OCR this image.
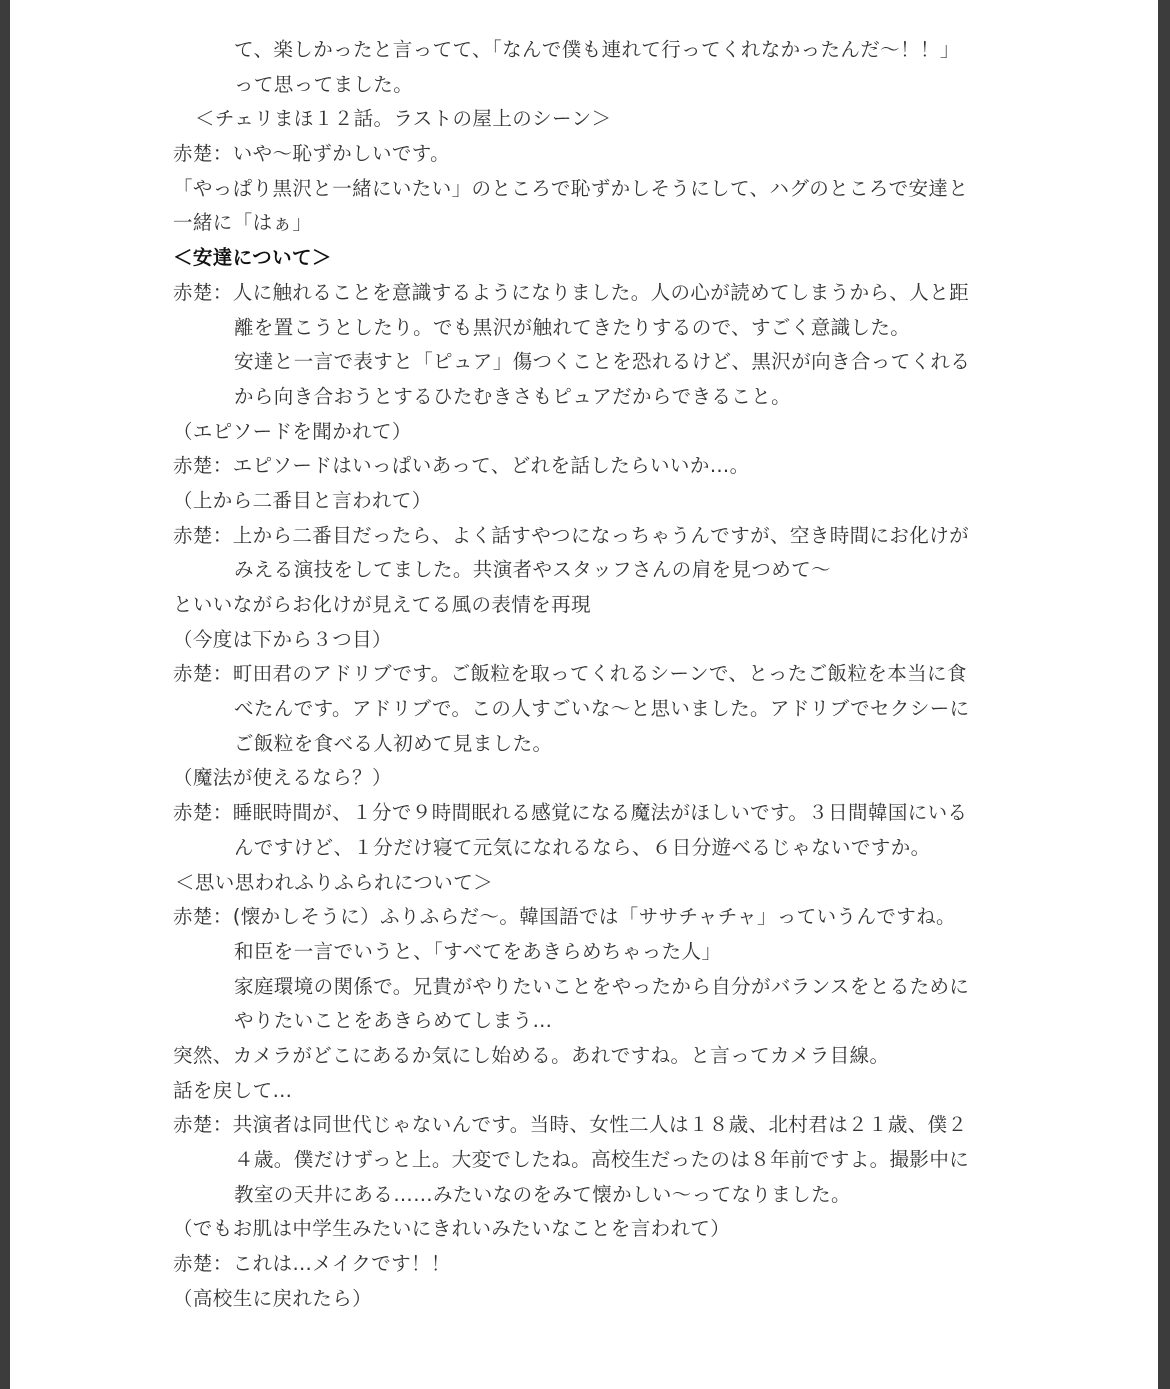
て、楽しかったと言ってて、「なんで僕も連れて行ってくれなかったんだ〜！！」
って思ってました。
＜チェリまほ１２話。ラストの屋上のシーン＞
赤楚：いや〜恥ずかしいです。
「やっぱり黒沢と一緒にいたい」のところで恥ずかしそうにして、ハグのところで安達と
一緒に「はぁ」
＜安達について＞
赤楚：人に触れることを意識するようになりました。人の心が読めてしまうから、人と距
離を置こうとしたり。でも黒沢が触れてきたりするので、すごく意識した。
安達と一言で表すと「ピュア」傷つくことを恐れるけど、黒沢が向き合ってくれる
から向き合おうとするひたむきさもピュアだからできること。
（エピソードを聞かれて）
赤楚：エピソードはいっぱいあって、どれを話したらいいか…。
（上から二番目と言われて）
赤楚：上から二番目だったら、よく話すやつになっちゃうんですが、空き時間にお化けが
みえる演技をしてました。共演者やスタッフさんの肩を見つめて〜
といいながらお化けが見えてる風の表情を再現
（今度は下から３つ目）
赤楚：町田君のアドリブです。ご飯粒を取ってくれるシーンで、とったご飯粒を本当に食
べたんです。アドリブで。この人すごいな〜と思いました。アドリブでセクシーに
ご飯粒を食べる人初めて見ました。
（魔法が使えるなら？）
赤楚：睡眠時間が、１分で９時間眠れる感覚になる魔法がほしいです。３日間韓国にいる
んですけど、１分だけ寝て元気になれるなら、６日分遊べるじゃないですか。
＜思い思われふりふられについて＞
赤楚：(懐かしそうに）ふりふらだ〜。韓国語では「ササチャチャ」っていうんですね。
和臣を一言でいうと、「すべてをあきらめちゃった人」
家庭環境の関係で。兄貴がやりたいことをやったから自分がバランスをとるために
やりたいことをあきらめてしまう…
突然、カメラがどこにあるか気にし始める。あれですね。と言ってカメラ目線。
話を戻して…
赤楚：共演者は同世代じゃないんです。当時、女性二人は１８歳、北村君は２１歳、僕２
４歳。僕だけずっと上。大変でしたね。高校生だったのは８年前ですよ。撮影中に
教室の天井にある……みたいなのをみて懐かしい〜ってなりました。
（でもお肌は中学生みたいにきれいみたいなことを言われて）
赤楚：これは…メイクです！！
（高校生に戻れたら）
